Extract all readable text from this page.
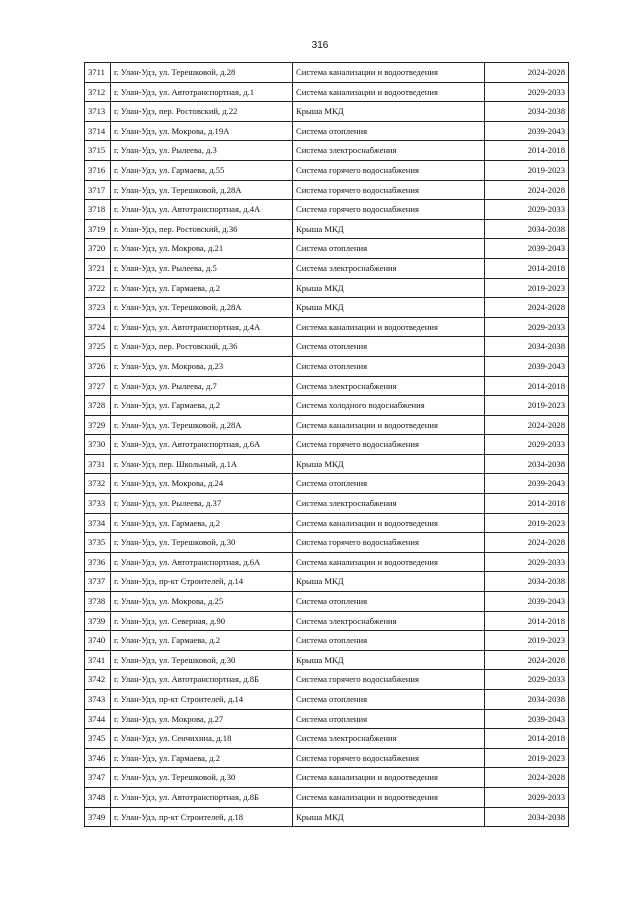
316
3711	г. Улан-Удэ, ул. Терешковой, д.28	Система канализации и водоотведения	2024-2028
3712	г. Улан-Удэ, ул. Автотранспортная, д.1	Система канализации и водоотведения	2029-2033
3713	г. Улан-Удэ, пер. Ростовский, д.22	Крыша МКД	2034-2038
3714	г. Улан-Удэ, ул. Мокрова, д.19А	Система отопления	2039-2043
3715	г. Улан-Удэ, ул. Рылеева, д.3	Система электроснабжения	2014-2018
3716	г. Улан-Удэ, ул. Гармаева, д.55	Система горячего водоснабжения	2019-2023
3717	г. Улан-Удэ, ул. Терешковой, д.28А	Система горячего водоснабжения	2024-2028
3718	г. Улан-Удэ, ул. Автотранспортная, д.4А	Система горячего водоснабжения	2029-2033
3719	г. Улан-Удэ, пер. Ростовский, д.36	Крыша МКД	2034-2038
3720	г. Улан-Удэ, ул. Мокрова, д.21	Система отопления	2039-2043
3721	г. Улан-Удэ, ул. Рылеева, д.5	Система электроснабжения	2014-2018
3722	г. Улан-Удэ, ул. Гармаева, д.2	Крыша МКД	2019-2023
3723	г. Улан-Удэ, ул. Терешковой, д.28А	Крыша МКД	2024-2028
3724	г. Улан-Удэ, ул. Автотранспортная, д.4А	Система канализации и водоотведения	2029-2033
3725	г. Улан-Удэ, пер. Ростовский, д.36	Система отопления	2034-2038
3726	г. Улан-Удэ, ул. Мокрова, д.23	Система отопления	2039-2043
3727	г. Улан-Удэ, ул. Рылеева, д.7	Система электроснабжения	2014-2018
3728	г. Улан-Удэ, ул. Гармаева, д.2	Система холодного водоснабжения	2019-2023
3729	г. Улан-Удэ, ул. Терешковой, д.28А	Система канализации и водоотведения	2024-2028
3730	г. Улан-Удэ, ул. Автотранспортная, д.6А	Система горячего водоснабжения	2029-2033
3731	г. Улан-Удэ, пер. Школьный, д.1А	Крыша МКД	2034-2038
3732	г. Улан-Удэ, ул. Мокрова, д.24	Система отопления	2039-2043
3733	г. Улан-Удэ, ул. Рылеева, д.37	Система электроснабжения	2014-2018
3734	г. Улан-Удэ, ул. Гармаева, д.2	Система канализации и водоотведения	2019-2023
3735	г. Улан-Удэ, ул. Терешковой, д.30	Система горячего водоснабжения	2024-2028
3736	г. Улан-Удэ, ул. Автотранспортная, д.6А	Система канализации и водоотведения	2029-2033
3737	г. Улан-Удэ, пр-кт Строителей, д.14	Крыша МКД	2034-2038
3738	г. Улан-Удэ, ул. Мокрова, д.25	Система отопления	2039-2043
3739	г. Улан-Удэ, ул. Северная, д.90	Система электроснабжения	2014-2018
3740	г. Улан-Удэ, ул. Гармаева, д.2	Система отопления	2019-2023
3741	г. Улан-Удэ, ул. Терешковой, д.30	Крыша МКД	2024-2028
3742	г. Улан-Удэ, ул. Автотранспортная, д.8Б	Система горячего водоснабжения	2029-2033
3743	г. Улан-Удэ, пр-кт Строителей, д.14	Система отопления	2034-2038
3744	г. Улан-Удэ, ул. Мокрова, д.27	Система отопления	2039-2043
3745	г. Улан-Удэ, ул. Сенчихина, д.18	Система электроснабжения	2014-2018
3746	г. Улан-Удэ, ул. Гармаева, д.2	Система горячего водоснабжения	2019-2023
3747	г. Улан-Удэ, ул. Терешковой, д.30	Система канализации и водоотведения	2024-2028
3748	г. Улан-Удэ, ул. Автотранспортная, д.8Б	Система канализации и водоотведения	2029-2033
3749	г. Улан-Удэ, пр-кт Строителей, д.18	Крыша МКД	2034-2038
